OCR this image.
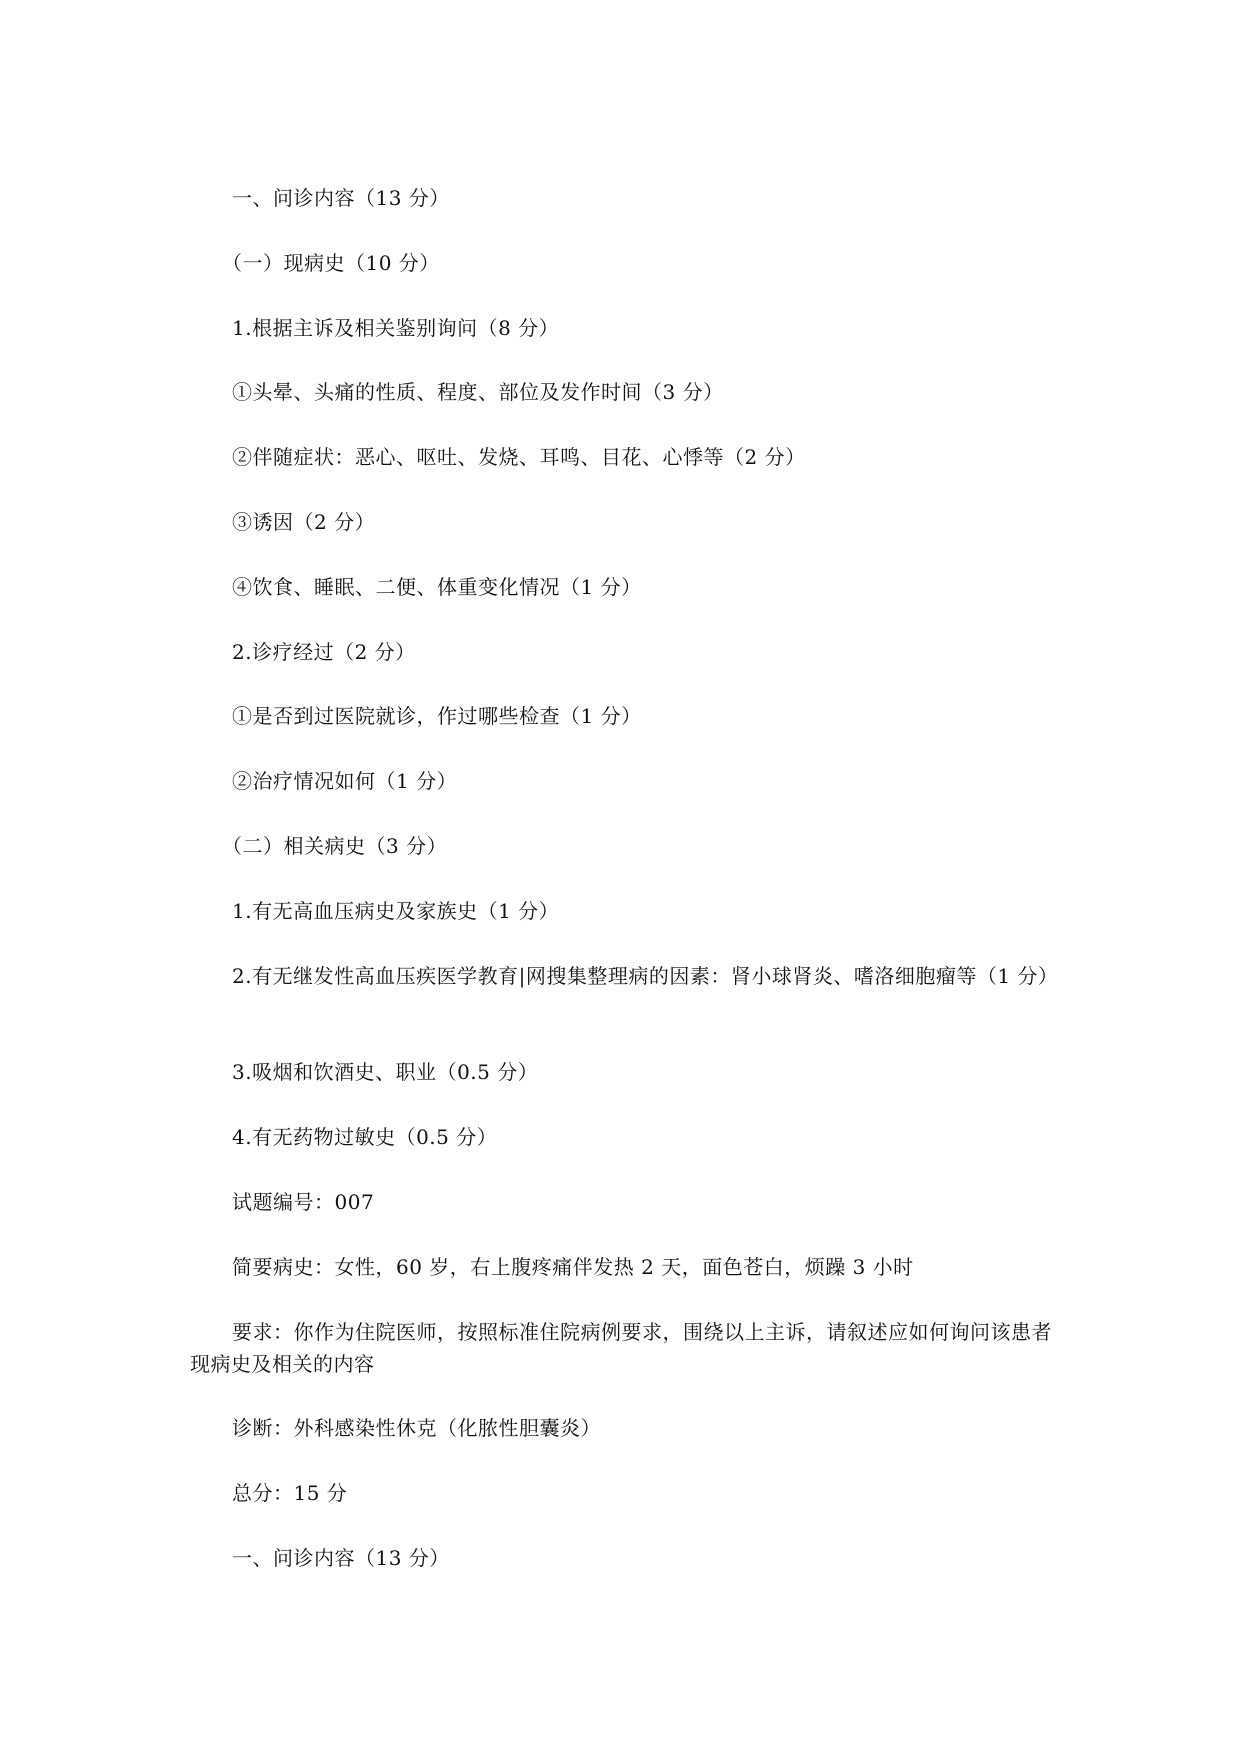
一、问诊内容（13 分）
（一）现病史（10 分）
1.根据主诉及相关鉴别询问（8 分）
①头晕、头痛的性质、程度、部位及发作时间（3 分）
②伴随症状：恶心、呕吐、发烧、耳鸣、目花、心悸等（2 分）
③诱因（2 分）
④饮食、睡眠、二便、体重变化情况（1 分）
2.诊疗经过（2 分）
①是否到过医院就诊，作过哪些检查（1 分）
②治疗情况如何（1 分）
（二）相关病史（3 分）
1.有无高血压病史及家族史（1 分）
2.有无继发性高血压疾医学教育|网搜集整理病的因素：肾小球肾炎、嗜洛细胞瘤等（1 分）
3.吸烟和饮酒史、职业（0.5 分）
4.有无药物过敏史（0.5 分）
试题编号：007
简要病史：女性，60 岁，右上腹疼痛伴发热 2 天，面色苍白，烦躁 3 小时
要求：你作为住院医师，按照标准住院病例要求，围绕以上主诉，请叙述应如何询问该患者现病史及相关的内容
诊断：外科感染性休克（化脓性胆囊炎）
总分：15 分
一、问诊内容（13 分）
